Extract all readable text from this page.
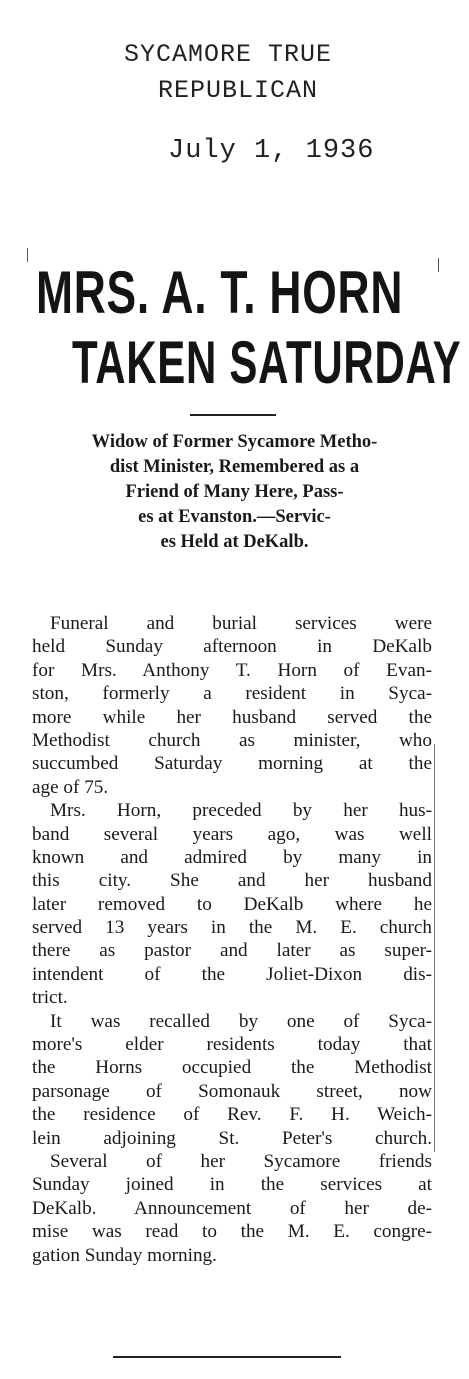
SYCAMORE TRUE
REPUBLICAN
July 1, 1936
MRS. A. T. HORN
TAKEN SATURDAY
Widow of Former Sycamore Metho-
dist Minister, Remembered as a
Friend of Many Here, Pass-
es at Evanston.—Servic-
es Held at DeKalb.
Funeral and burial services were
held Sunday afternoon in DeKalb
for Mrs. Anthony T. Horn of Evan-
ston, formerly a resident in Syca-
more while her husband served the
Methodist church as minister, who
succumbed Saturday morning at the
age of 75.
Mrs. Horn, preceded by her hus-
band several years ago, was well
known and admired by many in
this city. She and her husband
later removed to DeKalb where he
served 13 years in the M. E. church
there as pastor and later as super-
intendent of the Joliet-Dixon dis-
trict.
It was recalled by one of Syca-
more's elder residents today that
the Horns occupied the Methodist
parsonage of Somonauk street, now
the residence of Rev. F. H. Weich-
lein adjoining St. Peter's church.
Several of her Sycamore friends
Sunday joined in the services at
DeKalb. Announcement of her de-
mise was read to the M. E. congre-
gation Sunday morning.
